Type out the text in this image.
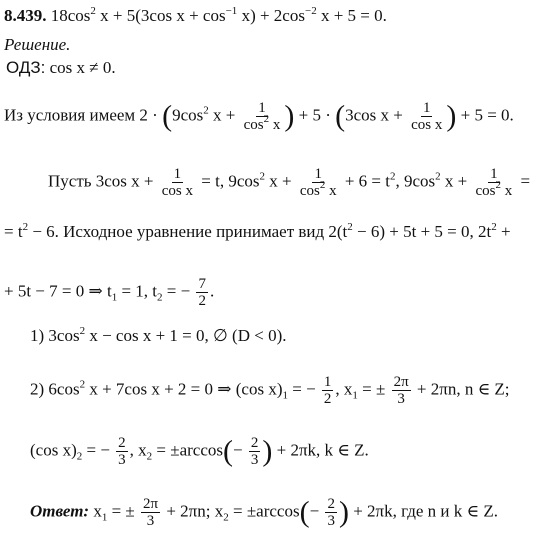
8.439. $18\cos^2$ x + 5(3cos $x + \cos^{-1} x) + 2\cos^{-2}$ x + 5 = 0.
Решение.
ОДЗ: cos x ≠ 0.
Из условия имеем $2 \cdot (9\cos^2$ $x + \frac{1}{\cos^2 x}$ ) + 5 · (3cos $x + \frac{1}{\text{cos x}}$ ) + 5 = 0.
Пусть 3cos $x + \frac{1}{\text{cos x}} = t$, $9\cos^2$ $x + \frac{1}{\cos^2 x} + 6 = t^2$, $9\cos^2$ $x + \frac{1}{\cos^2 x}$ =
= $t^2 - 6$. Исходное уравнение принимает вид $2(t^2 - 6) + 5t + 5 = 0$, $2t^2$ +
+ 5t − 7 = 0 ⇒ $t_1 = 1$, $t_2$ = − $\frac{7}{2}$ .
1) $3\cos^2$ x − cos x + 1 = 0, ∅ (D < 0).
2) $6\cos^2$ x + 7cos x + 2 = 0 ⇒ (cos $x)_1$ = − $\frac{1}{2}$ , $x_1$ = ± $\frac{2\pi}{3} + 2\pi n$, n ∈ Z;
(cos $x)_2$ = − $\frac{2}{3}$ , $x_2 = \pm\arccos(- \frac{2}{3}$ ) + 2πk, k ∈ Z.
Ответ: $x_1$ = ± $\frac{2\pi}{3} + 2\pi n$; $x_2 = \pm\arccos(- \frac{2}{3}$ ) + 2πk, где n и k ∈ Z.
